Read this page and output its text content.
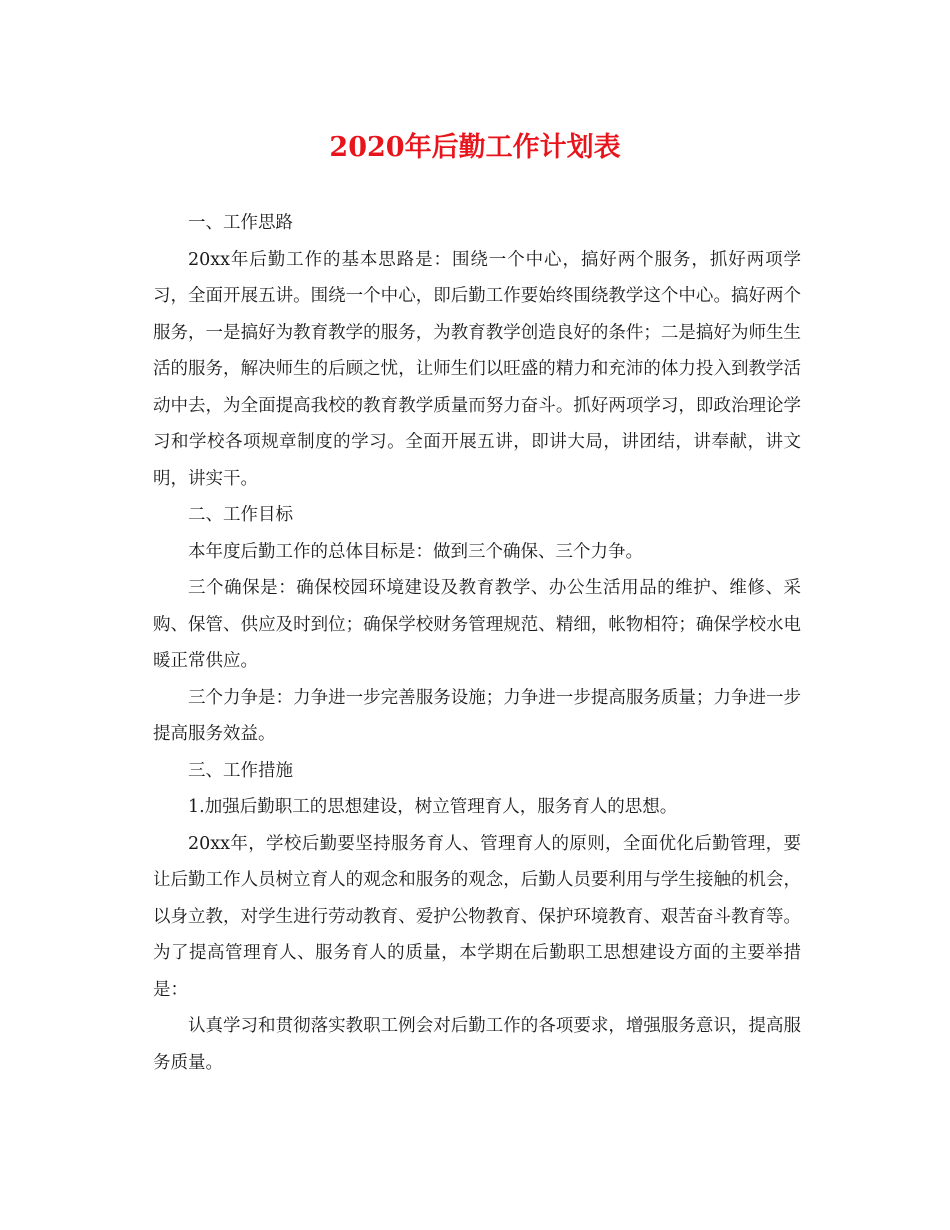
2020年后勤工作计划表

一、工作思路

20xx年后勤工作的基本思路是：围绕一个中心，搞好两个服务，抓好两项学习，全面开展五讲。围绕一个中心，即后勤工作要始终围绕教学这个中心。搞好两个服务，一是搞好为教育教学的服务，为教育教学创造良好的条件；二是搞好为师生生活的服务，解决师生的后顾之忧，让师生们以旺盛的精力和充沛的体力投入到教学活动中去，为全面提高我校的教育教学质量而努力奋斗。抓好两项学习，即政治理论学习和学校各项规章制度的学习。全面开展五讲，即讲大局，讲团结，讲奉献，讲文明，讲实干。

二、工作目标

本年度后勤工作的总体目标是：做到三个确保、三个力争。

三个确保是：确保校园环境建设及教育教学、办公生活用品的维护、维修、采购、保管、供应及时到位；确保学校财务管理规范、精细，帐物相符；确保学校水电暖正常供应。

三个力争是：力争进一步完善服务设施；力争进一步提高服务质量；力争进一步提高服务效益。

三、工作措施

1.加强后勤职工的思想建设，树立管理育人，服务育人的思想。

20xx年，学校后勤要坚持服务育人、管理育人的原则，全面优化后勤管理，要让后勤工作人员树立育人的观念和服务的观念，后勤人员要利用与学生接触的机会，以身立教，对学生进行劳动教育、爱护公物教育、保护环境教育、艰苦奋斗教育等。为了提高管理育人、服务育人的质量，本学期在后勤职工思想建设方面的主要举措是：

认真学习和贯彻落实教职工例会对后勤工作的各项要求，增强服务意识，提高服务质量。
